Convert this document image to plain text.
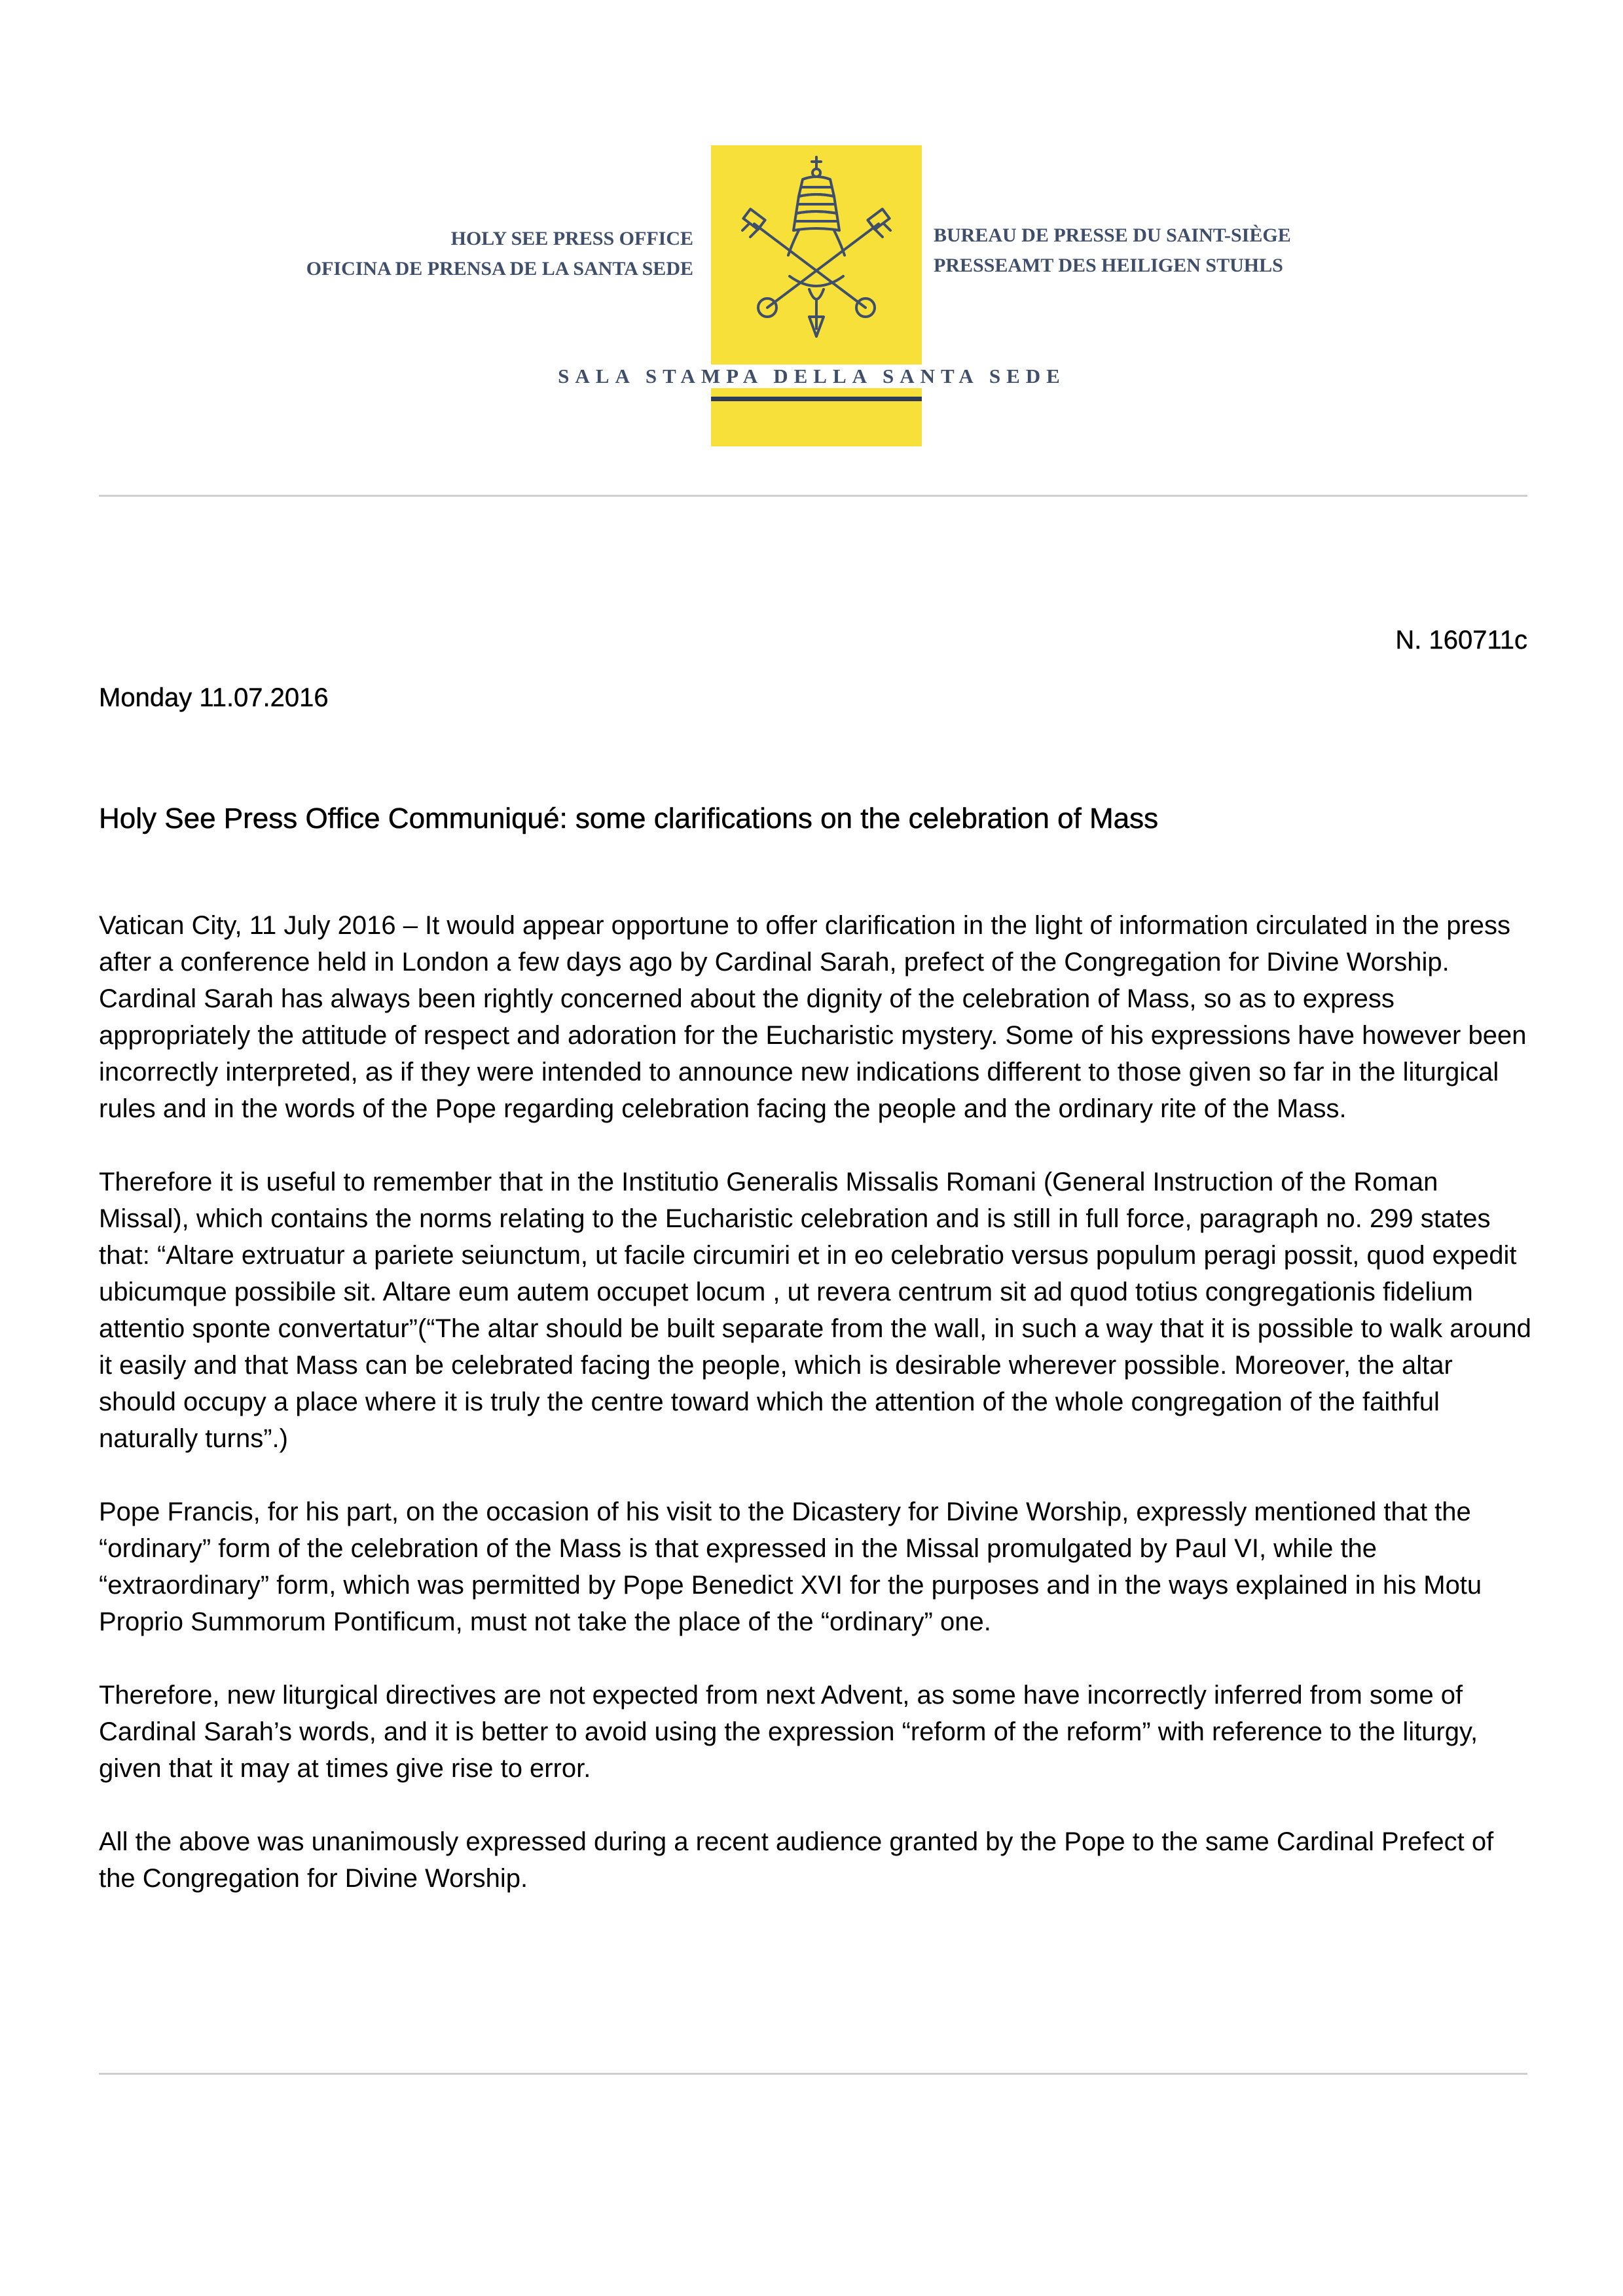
HOLY SEE PRESS OFFICE
OFICINA DE PRENSA DE LA SANTA SEDE
BUREAU DE PRESSE DU SAINT-SIÈGE
PRESSEAMT DES HEILIGEN STUHLS
SALA STAMPA DELLA SANTA SEDE
N. 160711c
Monday 11.07.2016
Holy See Press Office Communiqué: some clarifications on the celebration of Mass

Vatican City, 11 July 2016 – It would appear opportune to offer clarification in the light of information circulated in the press after a conference held in London a few days ago by Cardinal Sarah, prefect of the Congregation for Divine Worship. Cardinal Sarah has always been rightly concerned about the dignity of the celebration of Mass, so as to express appropriately the attitude of respect and adoration for the Eucharistic mystery. Some of his expressions have however been incorrectly interpreted, as if they were intended to announce new indications different to those given so far in the liturgical rules and in the words of the Pope regarding celebration facing the people and the ordinary rite of the Mass.

Therefore it is useful to remember that in the Institutio Generalis Missalis Romani (General Instruction of the Roman Missal), which contains the norms relating to the Eucharistic celebration and is still in full force, paragraph no. 299 states that: “Altare extruatur a pariete seiunctum, ut facile circumiri et in eo celebratio versus populum peragi possit, quod expedit ubicumque possibile sit. Altare eum autem occupet locum , ut revera centrum sit ad quod totius congregationis fidelium attentio sponte convertatur”(“The altar should be built separate from the wall, in such a way that it is possible to walk around it easily and that Mass can be celebrated facing the people, which is desirable wherever possible. Moreover, the altar should occupy a place where it is truly the centre toward which the attention of the whole congregation of the faithful naturally turns”.)

Pope Francis, for his part, on the occasion of his visit to the Dicastery for Divine Worship, expressly mentioned that the “ordinary” form of the celebration of the Mass is that expressed in the Missal promulgated by Paul VI, while the “extraordinary” form, which was permitted by Pope Benedict XVI for the purposes and in the ways explained in his Motu Proprio Summorum Pontificum, must not take the place of the “ordinary” one.

Therefore, new liturgical directives are not expected from next Advent, as some have incorrectly inferred from some of Cardinal Sarah’s words, and it is better to avoid using the expression “reform of the reform” with reference to the liturgy, given that it may at times give rise to error.

All the above was unanimously expressed during a recent audience granted by the Pope to the same Cardinal Prefect of the Congregation for Divine Worship.
